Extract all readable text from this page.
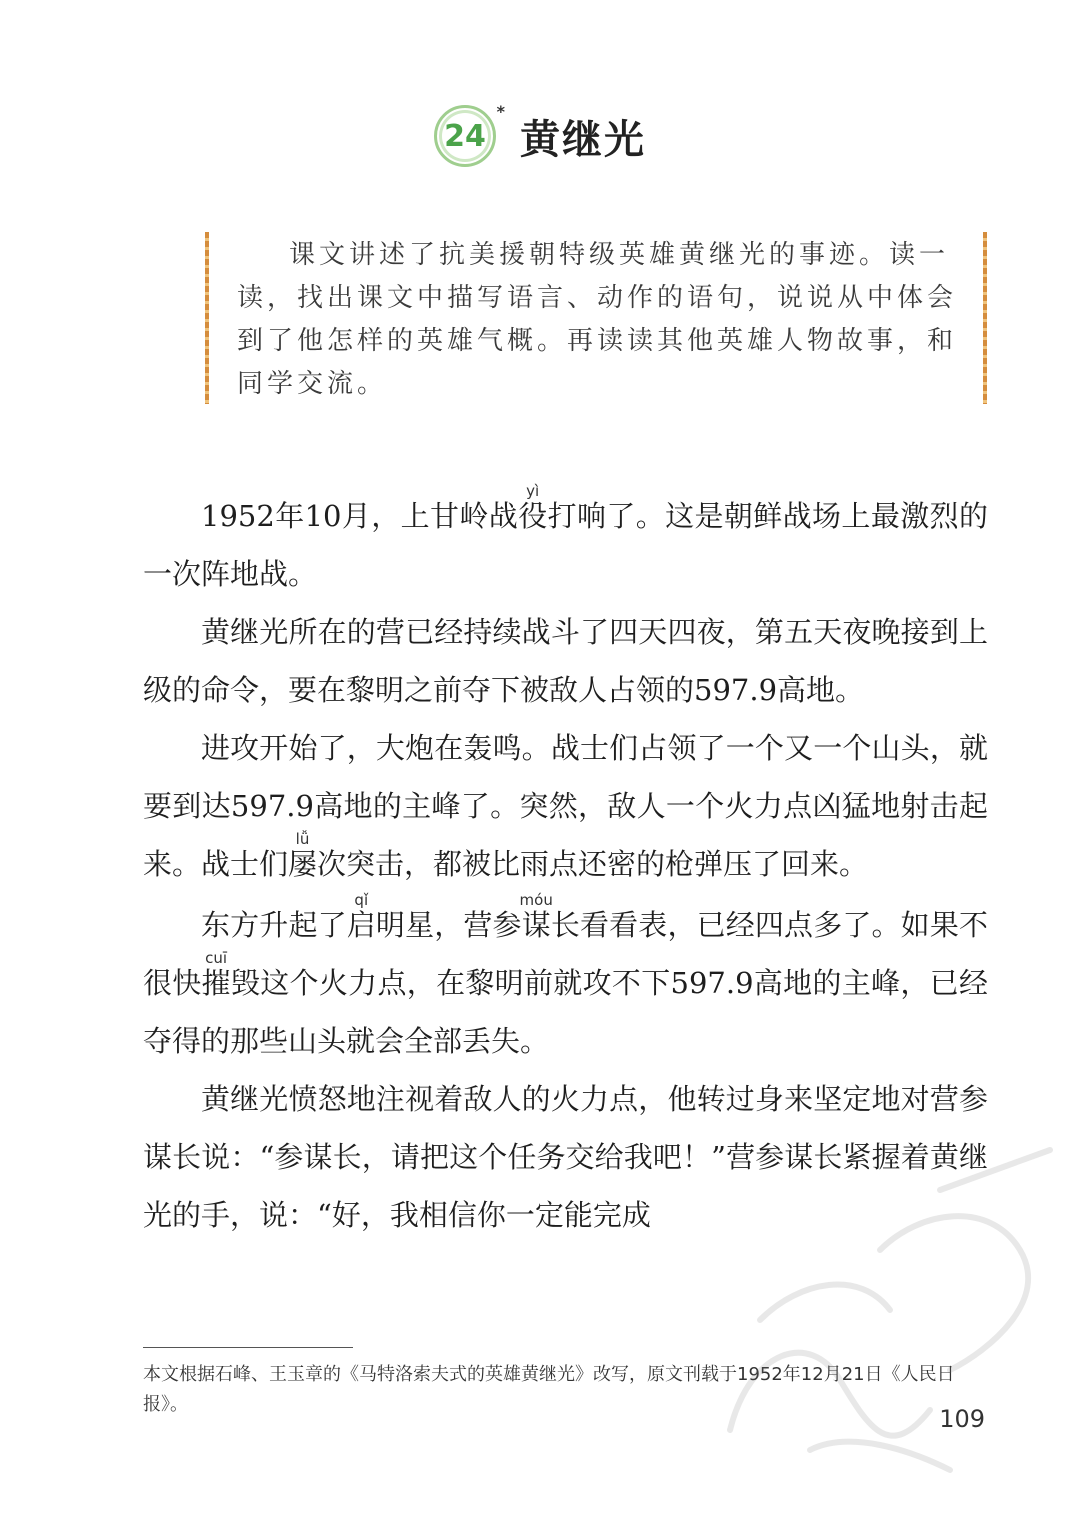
24
*
黄继光

课文讲述了抗美援朝特级英雄黄继光的事迹。读一读，找出课文中描写语言、动作的语句，说说从中体会到了他怎样的英雄气概。再读读其他英雄人物故事，和同学交流。

1952年10月，上甘岭战役yì打响了。这是朝鲜战场上最激烈的一次阵地战。

黄继光所在的营已经持续战斗了四天四夜，第五天夜晚接到上级的命令，要在黎明之前夺下被敌人占领的597.9高地。

进攻开始了，大炮在轰鸣。战士们占领了一个又一个山头，就要到达597.9高地的主峰了。突然，敌人一个火力点凶猛地射击起来。战士们屡lǚ次突击，都被比雨点还密的枪弹压了回来。

东方升起了启qǐ明星，营参谋móu长看看表，已经四点多了。如果不很快摧cuī毁这个火力点，在黎明前就攻不下597.9高地的主峰，已经夺得的那些山头就会全部丢失。

黄继光愤怒地注视着敌人的火力点，他转过身来坚定地对营参谋长说：“参谋长，请把这个任务交给我吧！”营参谋长紧握着黄继光的手，说：“好，我相信你一定能完成

本文根据石峰、王玉章的《马特洛索夫式的英雄黄继光》改写，原文刊载于1952年12月21日《人民日报》。

109
